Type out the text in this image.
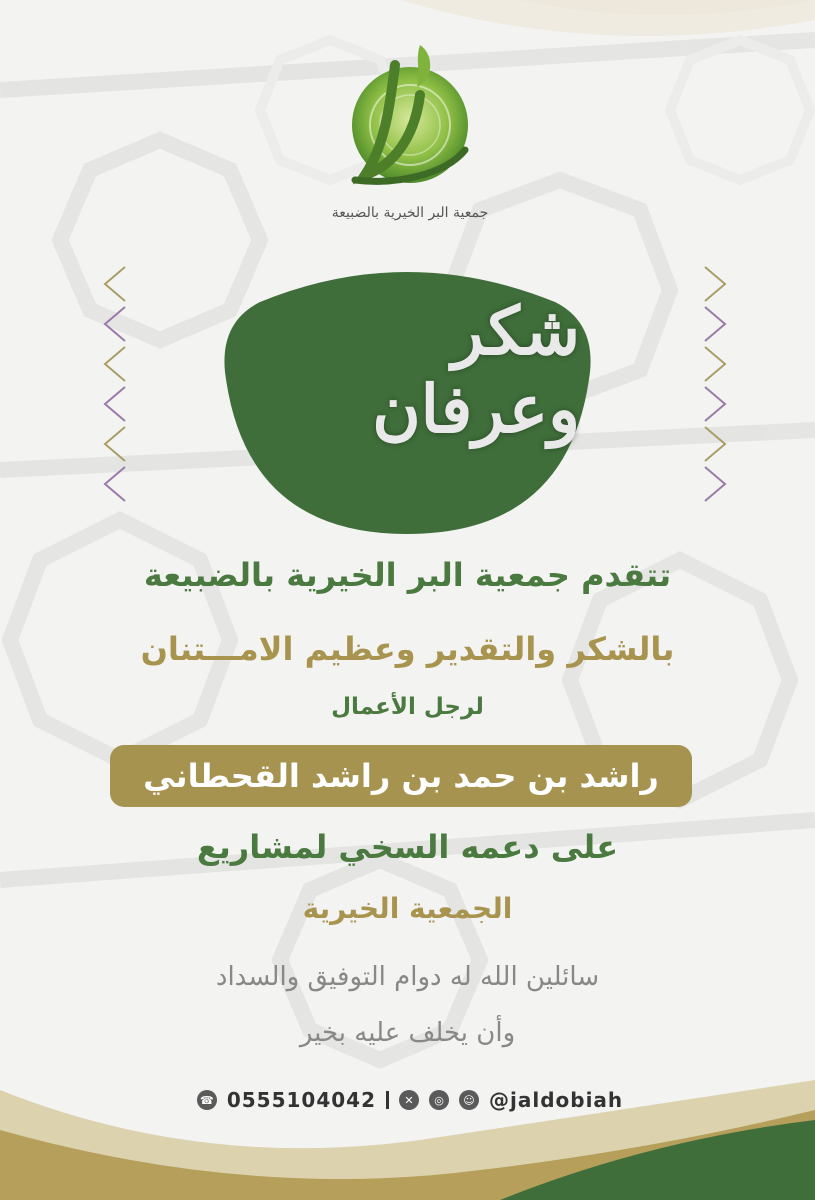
جمعية البر الخيرية بالضبيعة
شكر وعرفان
تتقدم جمعية البر الخيرية بالضبيعة
بالشكر والتقدير وعظيم الامـــتنان
لرجل الأعمال
راشد بن حمد بن راشد القحطاني
على دعمه السخي لمشاريع
الجمعية الخيرية
سائلين الله له دوام التوفيق والسداد
وأن يخلف عليه بخير
☎ 0555104042	✕	◎	☺ @jaldobiah
